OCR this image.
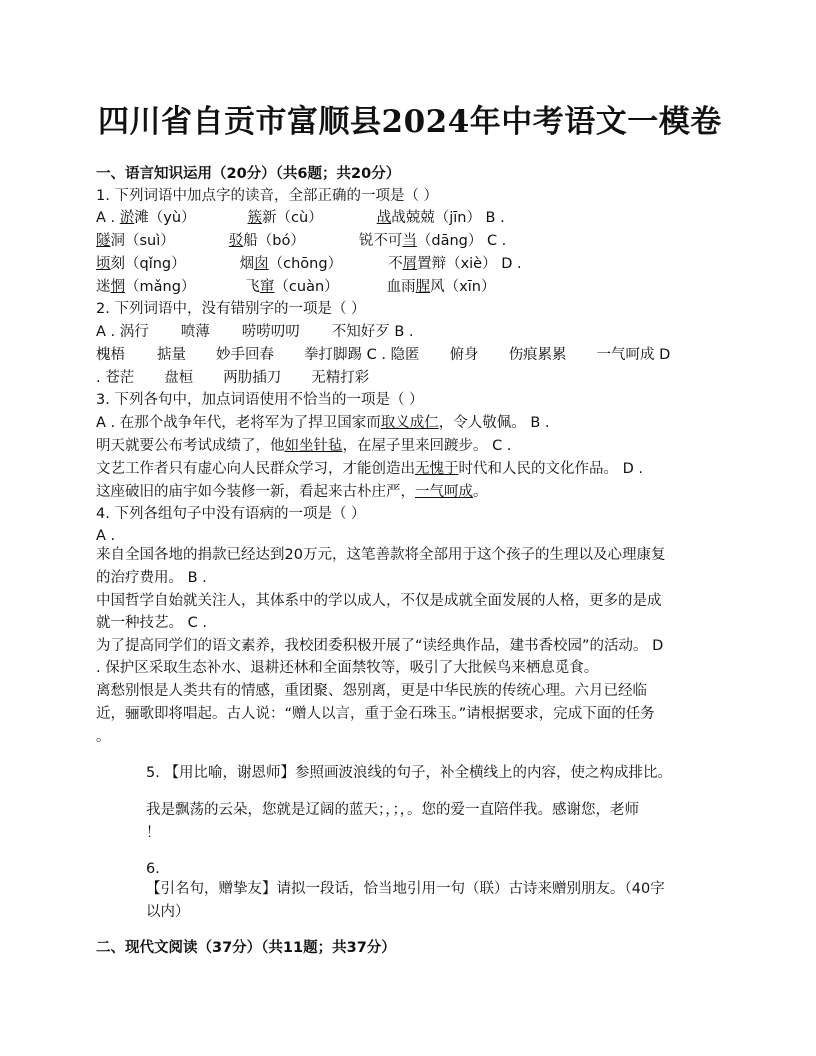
四川省自贡市富顺县2024年中考语文一模卷
一、语言知识运用（20分）（共6题；共20分）
1. 下列词语中加点字的读音，全部正确的一项是（ ）
A . 淤滩（yù）	簇新（cù）	战战兢兢（jīn） B .
隧洞（suì）	驳船（bó）	锐不可当（dāng） C .
顷刻（qǐng）	烟囱（chōng）	不屑置辩（xiè） D .
迷惘（mǎng）	飞窜（cuàn）	血雨腥风（xīn）
2. 下列词语中，没有错别字的一项是（ ）
A . 涡行 喷薄 唠唠叨叨 不知好歹 B .
槐梧 掂量 妙手回春 拳打脚踢 C . 隐匿 俯身 伤痕累累 一气呵成 D
. 苍茫 盘桓 两肋插刀 无精打彩
3. 下列各句中，加点词语使用不恰当的一项是（ ）
A . 在那个战争年代，老将军为了捍卫国家而取义成仁，令人敬佩。 B .
明天就要公布考试成绩了，他如坐针毡，在屋子里来回踱步。 C .
文艺工作者只有虚心向人民群众学习，才能创造出无愧于时代和人民的文化作品。 D .
这座破旧的庙宇如今装修一新，看起来古朴庄严，一气呵成。
4. 下列各组句子中没有语病的一项是（ ）
A .
来自全国各地的捐款已经达到20万元，这笔善款将全部用于这个孩子的生理以及心理康复
的治疗费用。 B .
中国哲学自始就关注人，其体系中的学以成人，不仅是成就全面发展的人格，更多的是成
就一种技艺。 C .
为了提高同学们的语文素养，我校团委积极开展了“读经典作品，建书香校园”的活动。 D
. 保护区采取生态补水、退耕还林和全面禁牧等，吸引了大批候鸟来栖息觅食。
离愁别恨是人类共有的情感，重团聚、怨别离，更是中华民族的传统心理。六月已经临
近，骊歌即将唱起。古人说：“赠人以言，重于金石珠玉。”请根据要求，完成下面的任务
。
5. 【用比喻，谢恩师】参照画波浪线的句子，补全横线上的内容，使之构成排比。
我是飘荡的云朵，您就是辽阔的蓝天；，；，。您的爱一直陪伴我。感谢您，老师
！
6.
【引名句，赠挚友】请拟一段话，恰当地引用一句（联）古诗来赠别朋友。（40字
以内）
二、现代文阅读（37分）（共11题；共37分）
